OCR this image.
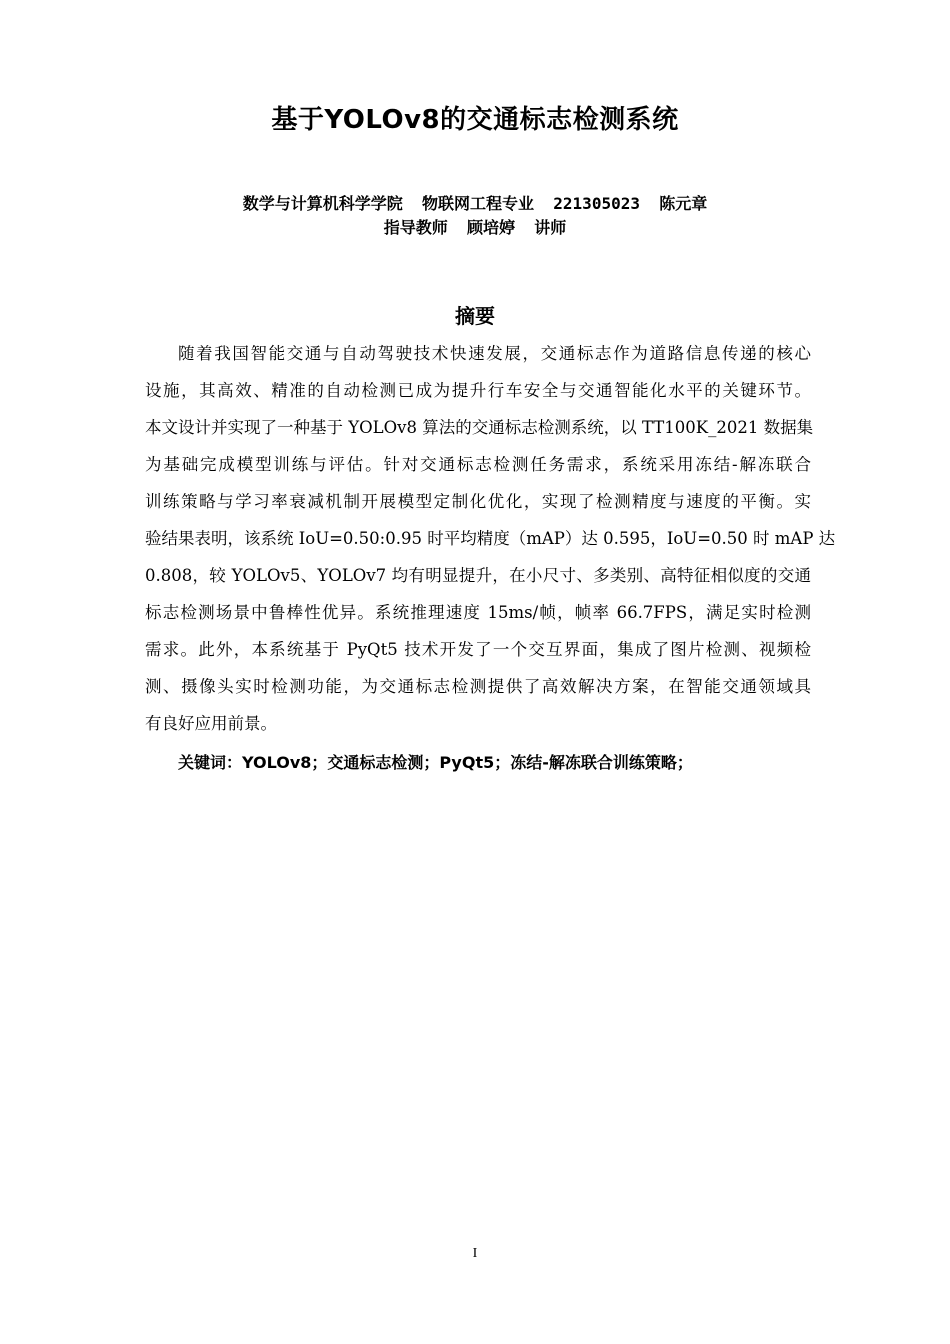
基于YOLOv8的交通标志检测系统
数学与计算机科学学院  物联网工程专业  221305023  陈元章
指导教师  顾培婷  讲师
摘要
随着我国智能交通与自动驾驶技术快速发展，交通标志作为道路信息传递的核心
设施，其高效、精准的自动检测已成为提升行车安全与交通智能化水平的关键环节。
本文设计并实现了一种基于 YOLOv8 算法的交通标志检测系统，以 TT100K_2021 数据集
为基础完成模型训练与评估。针对交通标志检测任务需求，系统采用冻结-解冻联合
训练策略与学习率衰减机制开展模型定制化优化，实现了检测精度与速度的平衡。实
验结果表明，该系统 IoU=0.50:0.95 时平均精度（mAP）达 0.595，IoU=0.50 时 mAP 达
0.808，较 YOLOv5、YOLOv7 均有明显提升，在小尺寸、多类别、高特征相似度的交通
标志检测场景中鲁棒性优异。系统推理速度 15ms/帧，帧率 66.7FPS，满足实时检测
需求。此外，本系统基于 PyQt5 技术开发了一个交互界面，集成了图片检测、视频检
测、摄像头实时检测功能，为交通标志检测提供了高效解决方案，在智能交通领域具
有良好应用前景。
关键词：YOLOv8；交通标志检测；PyQt5；冻结-解冻联合训练策略；
I
